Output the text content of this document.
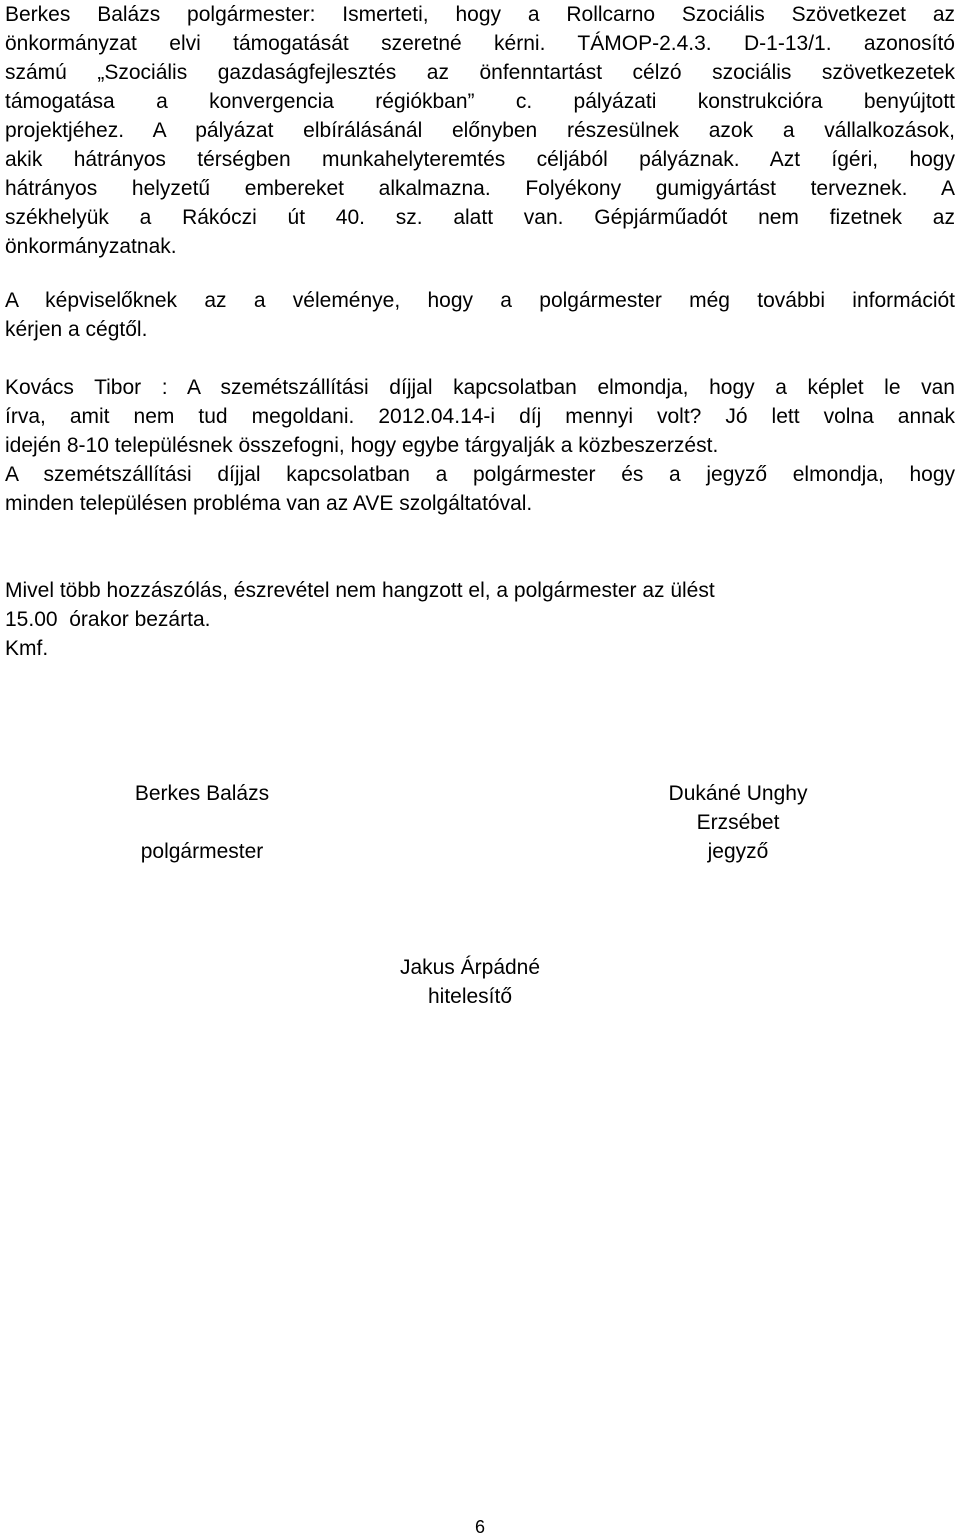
Berkes Balázs polgármester: Ismerteti, hogy a Rollcarno Szociális Szövetkezet az
önkormányzat elvi támogatását szeretné kérni. TÁMOP-2.4.3. D-1-13/1. azonosító
számú „Szociális gazdaságfejlesztés az önfenntartást célzó szociális szövetkezetek
támogatása a konvergencia régiókban” c. pályázati konstrukcióra benyújtott
projektjéhez. A pályázat elbírálásánál előnyben részesülnek azok a vállalkozások,
akik hátrányos térségben munkahelyteremtés céljából pályáznak. Azt ígéri, hogy
hátrányos helyzetű embereket alkalmazna. Folyékony gumigyártást terveznek. A
székhelyük a Rákóczi út 40. sz. alatt van. Gépjárműadót nem fizetnek az
önkormányzatnak.
A képviselőknek az a véleménye, hogy a polgármester még további információt
kérjen a cégtől.
Kovács Tibor : A szemétszállítási díjjal kapcsolatban elmondja, hogy a képlet le van
írva, amit nem tud megoldani. 2012.04.14-i díj mennyi volt? Jó lett volna annak
idején 8-10 településnek összefogni, hogy egybe tárgyalják a közbeszerzést.
A szemétszállítási díjjal kapcsolatban a polgármester és a jegyző elmondja, hogy
minden településen probléma van az AVE szolgáltatóval.
Mivel több hozzászólás, észrevétel nem hangzott el, a polgármester az ülést
15.00  órakor bezárta.
Kmf.
Berkes Balázs
polgármester
Dukáné Unghy
Erzsébet
jegyző
Jakus Árpádné
hitelesítő
6
